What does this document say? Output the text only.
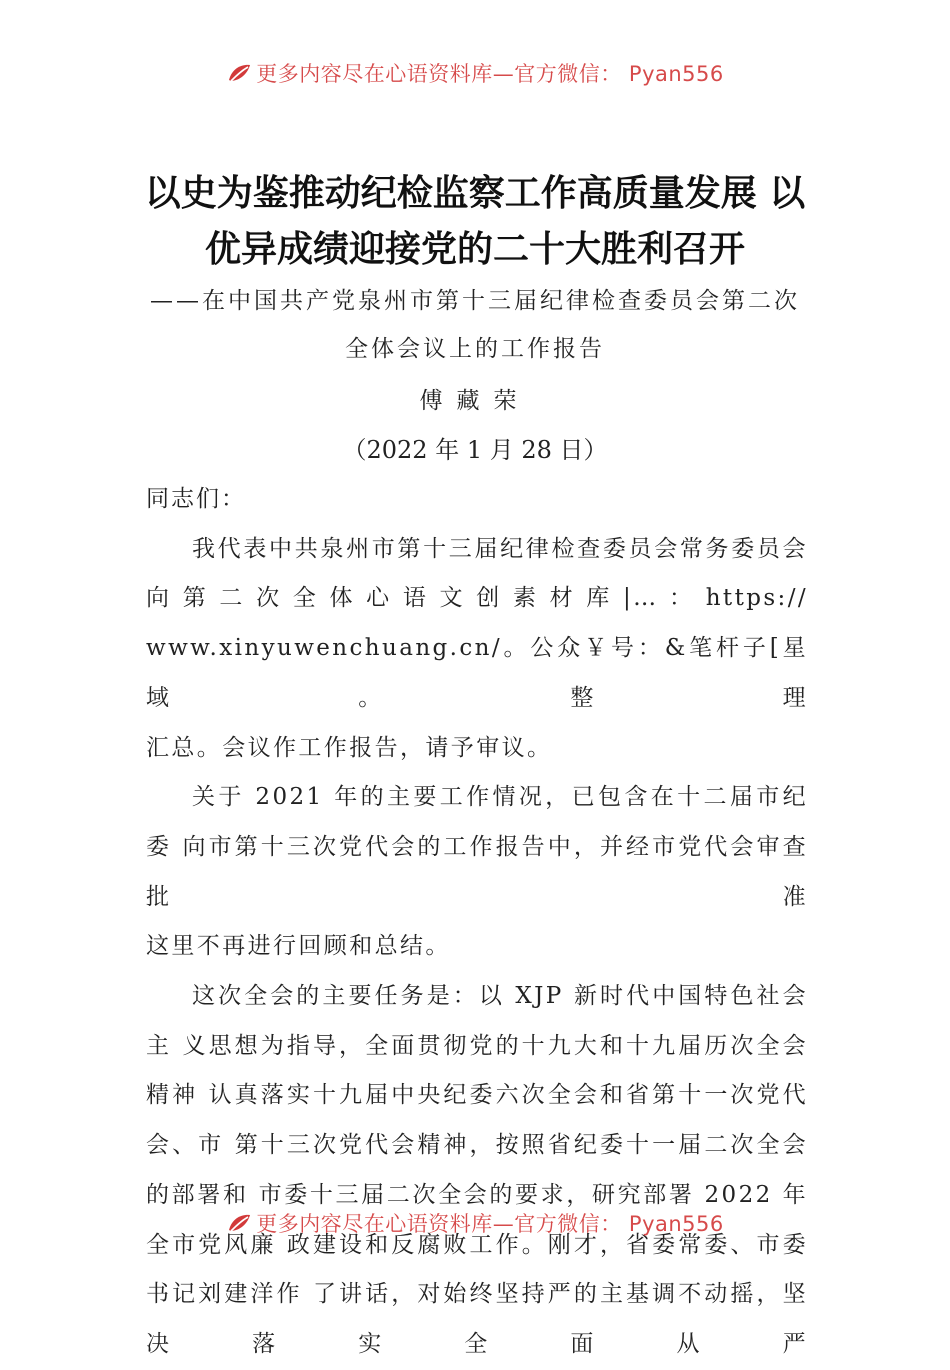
更多内容尽在心语资料库—官方微信： Pyan556
以史为鉴推动纪检监察工作高质量发展 以优异成绩迎接党的二十大胜利召开
——在中国共产党泉州市第十三届纪律检查委员会第二次
全体会议上的工作报告
傅藏荣
（2022 年 1 月 28 日）
同志们：

我代表中共泉州市第十三届纪律检查委员会常务委员会 向 第 二 次 全 体 心 语 文 创 素 材 库 |… ： https:// www.xinyuwenchuang.cn/。公众￥号：&笔杆子[星域。整理
汇总。会议作工作报告，请予审议。

关于 2021 年的主要工作情况，已包含在十二届市纪委 向市第十三次党代会的工作报告中，并经市党代会审查批准
这里不再进行回顾和总结。

这次全会的主要任务是：以 XJP 新时代中国特色社会主 义思想为指导，全面贯彻党的十九大和十九届历次全会精神 认真落实十九届中央纪委六次全会和省第十一次党代会、市 第十三次党代会精神，按照省纪委十一届二次全会的部署和 市委十三届二次全会的要求，研究部署 2022 年全市党风廉 政建设和反腐败工作。刚才，省委常委、市委书记刘建洋作 了讲话，对始终坚持严的主基调不动摇，坚决落实全面从严

更多内容尽在心语资料库—官方微信： Pyan556
